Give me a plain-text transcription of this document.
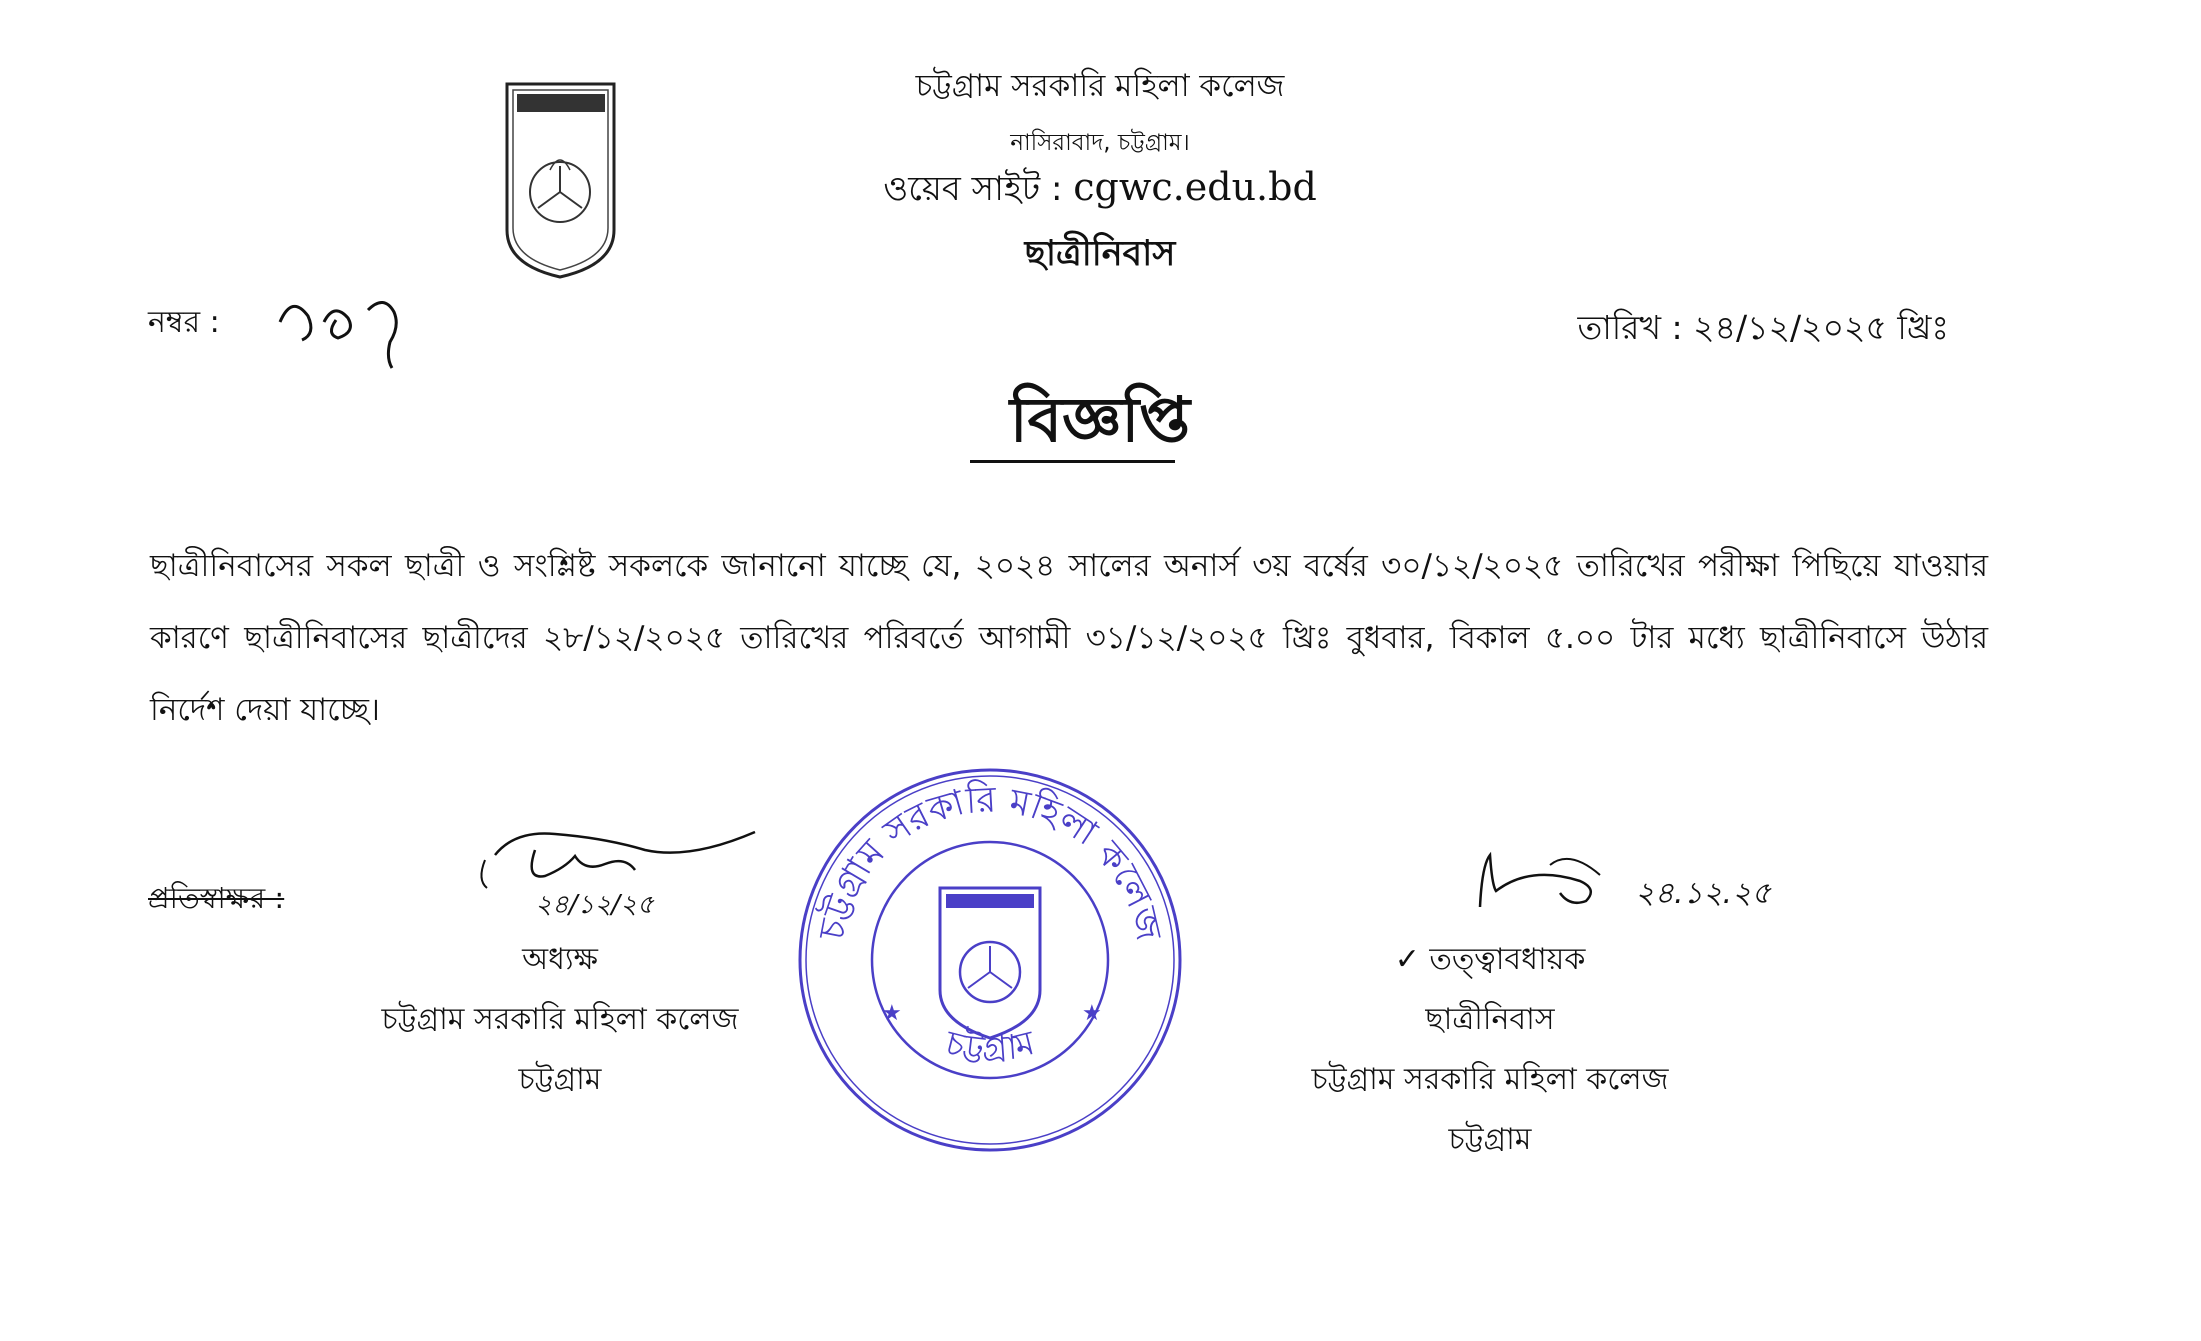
চট্টগ্রাম সরকারি মহিলা কলেজ
নাসিরাবাদ, চট্টগ্রাম।
ওয়েব সাইট : cgwc.edu.bd
ছাত্রীনিবাস
নম্বর :	তারিখ : ২৪/১২/২০২৫ খ্রিঃ
বিজ্ঞপ্তি
ছাত্রীনিবাসের সকল ছাত্রী ও সংশ্লিষ্ট সকলকে জানানো যাচ্ছে যে, ২০২৪ সালের অনার্স ৩য় বর্ষের ৩০/১২/২০২৫ তারিখের পরীক্ষা পিছিয়ে যাওয়ার কারণে ছাত্রীনিবাসের ছাত্রীদের ২৮/১২/২০২৫ তারিখের পরিবর্তে আগামী ৩১/১২/২০২৫ খ্রিঃ বুধবার, বিকাল ৫.০০ টার মধ্যে ছাত্রীনিবাসে উঠার নির্দেশ দেয়া যাচ্ছে।
প্রতিস্বাক্ষর :	২৪/১২/২৫
অধ্যক্ষ
চট্টগ্রাম সরকারি মহিলা কলেজ
চট্টগ্রাম
২৪.১২.২৫
✓ তত্ত্বাবধায়ক
ছাত্রীনিবাস
চট্টগ্রাম সরকারি মহিলা কলেজ
চট্টগ্রাম
চট্টগ্রাম সরকারি মহিলা কলেজ
চট্টগ্রাম
★	★
